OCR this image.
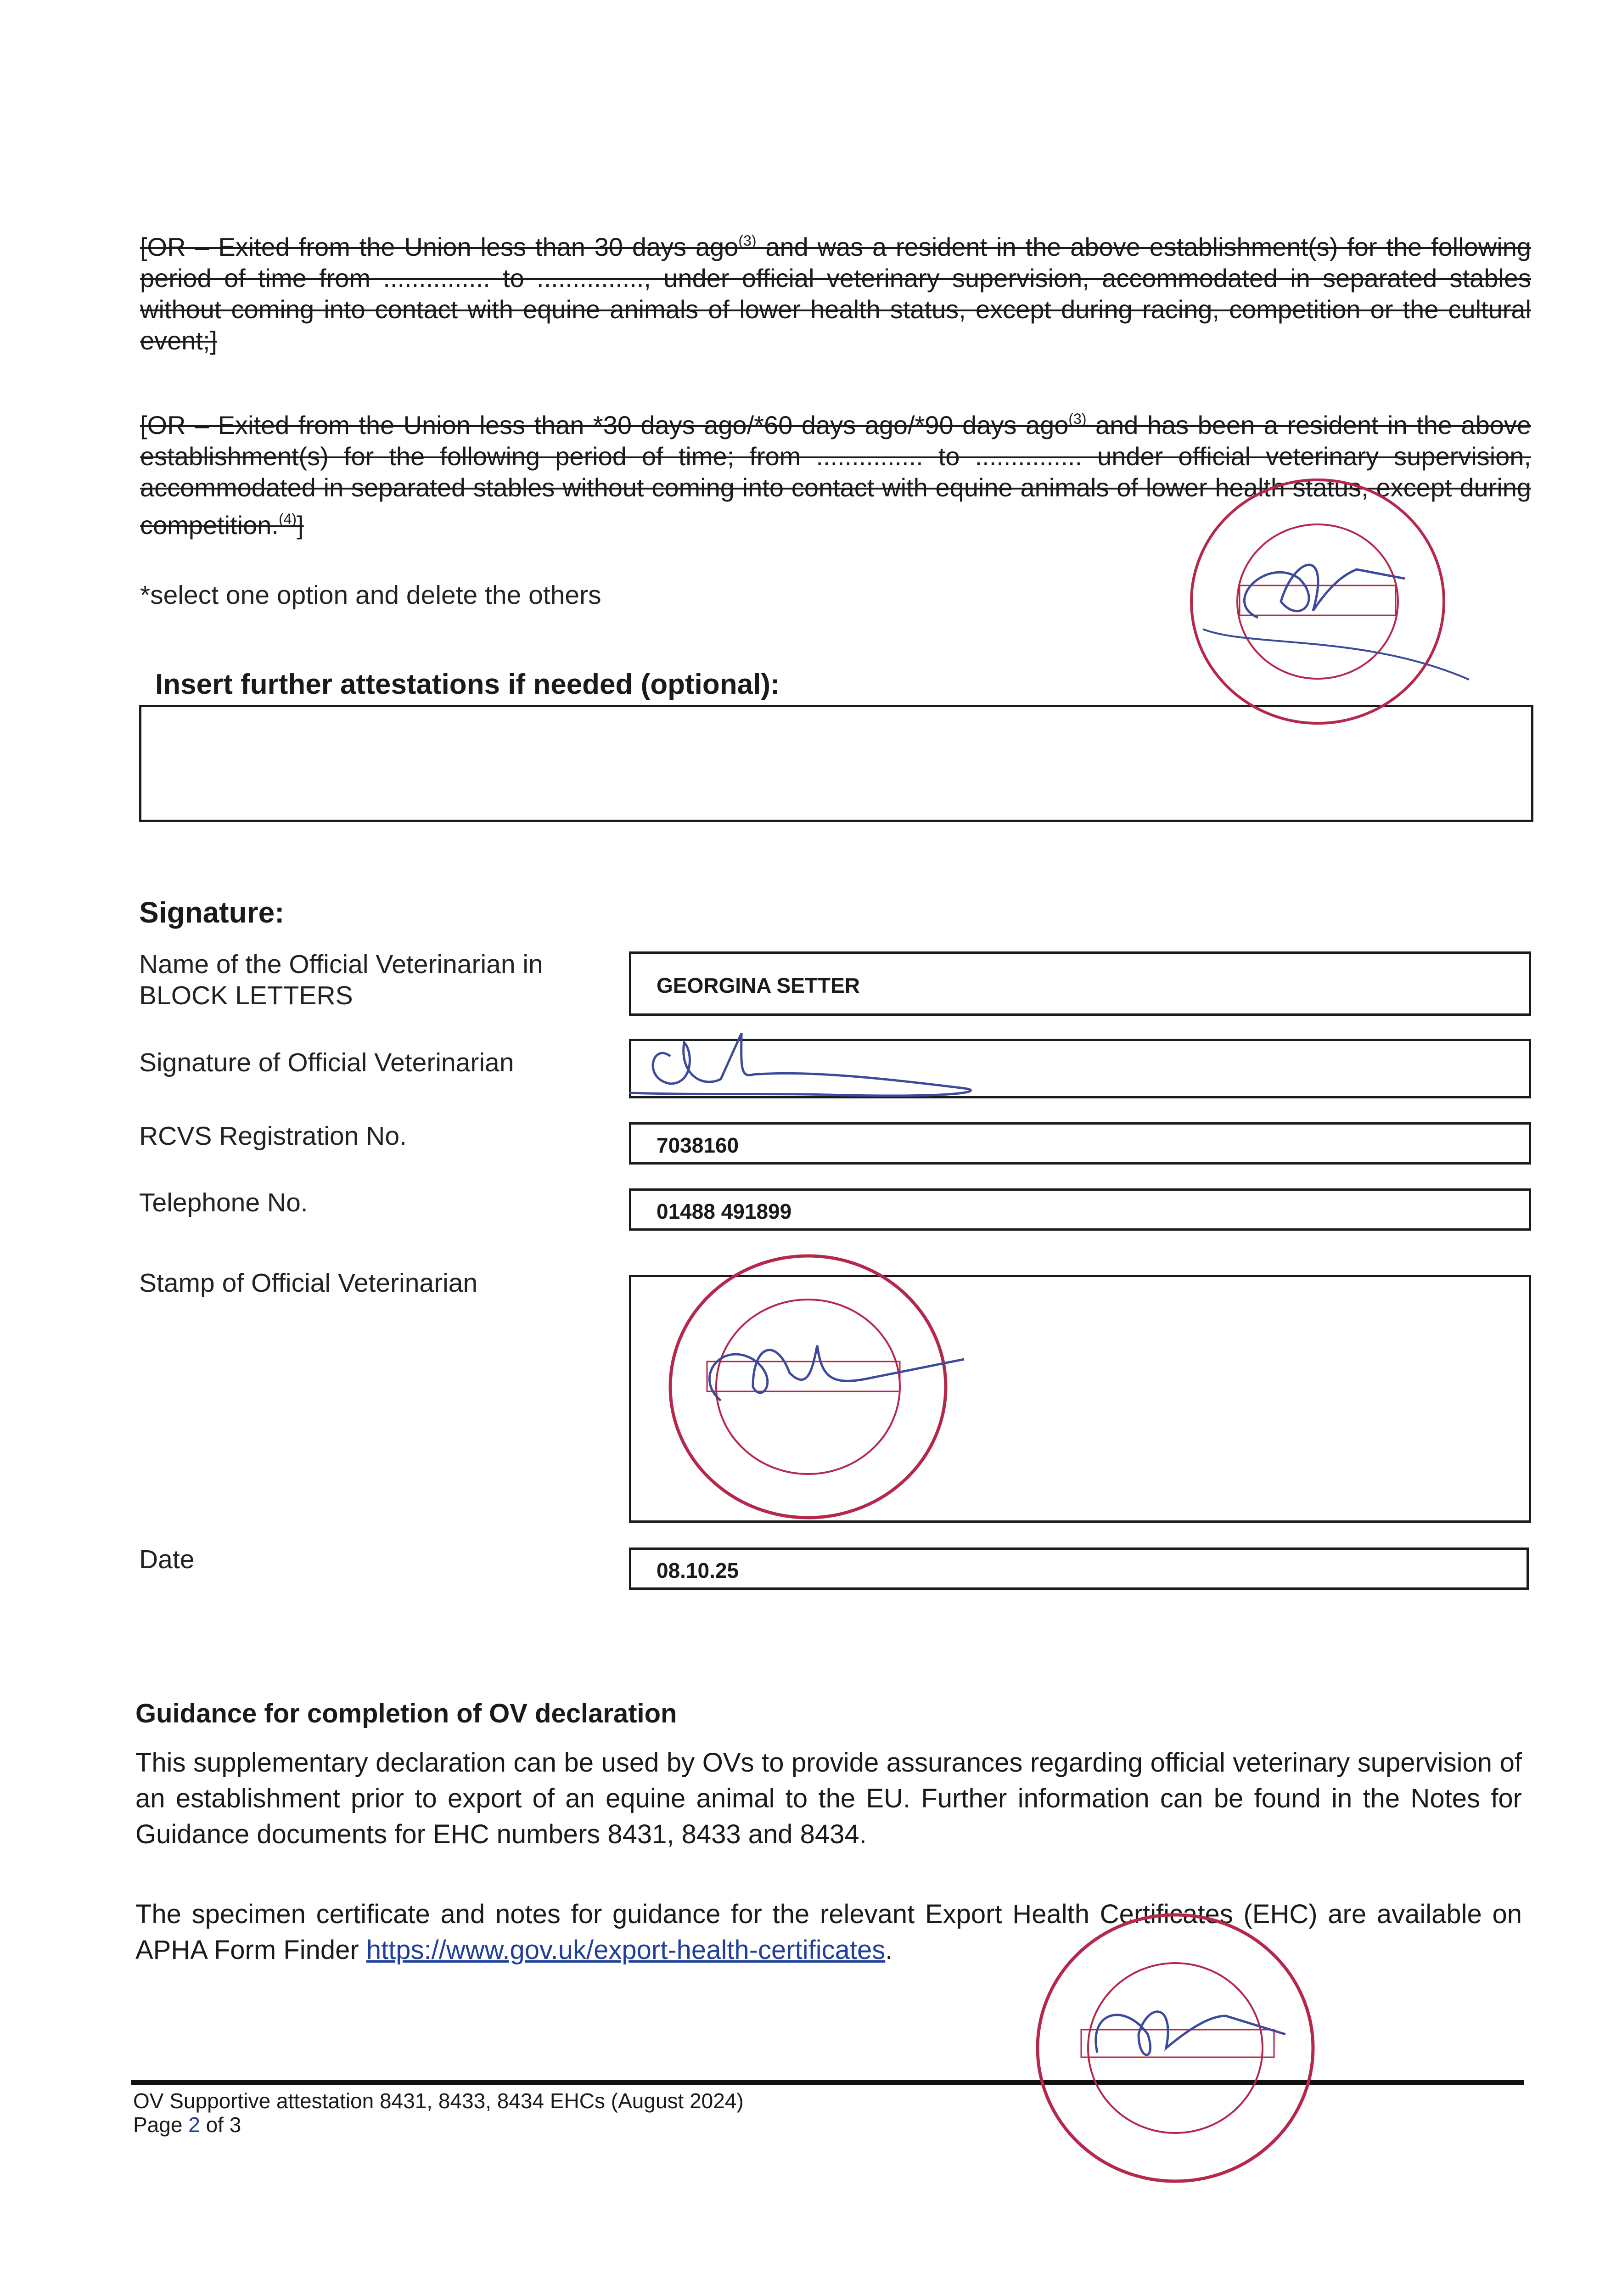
[OR – Exited from the Union less than 30 days ago$^{(3)}$ and was a resident in the above establishment(s) for the following period of time from ............... to ..............., under official veterinary supervision, accommodated in separated stables without coming into contact with equine animals of lower health status, except during racing, competition or the cultural event;]

[OR – Exited from the Union less than *30 days ago/*60 days ago/*90 days ago$^{(3)}$ and has been a resident in the above establishment(s) for the following period of time; from ............... to ............... under official veterinary supervision, accommodated in separated stables without coming into contact with equine animals of lower health status, except during competition.$^{(4)}$]

*select one option and delete the others
Insert further attestations if needed (optional):
Signature:
Name of the Official Veterinarian in BLOCK LETTERS	GEORGINA SETTER
Signature of Official Veterinarian
RCVS Registration No.	7038160
Telephone No.	01488 491899
Stamp of Official Veterinarian
Date	08.10.25
Guidance for completion of OV declaration

This supplementary declaration can be used by OVs to provide assurances regarding official veterinary supervision of an establishment prior to export of an equine animal to the EU. Further information can be found in the Notes for Guidance documents for EHC numbers 8431, 8433 and 8434.

The specimen certificate and notes for guidance for the relevant Export Health Certificates (EHC) are available on APHA Form Finder https://www.gov.uk/export-health-certificates.

OV Supportive attestation 8431, 8433, 8434 EHCs (August 2024)
Page 2 of 3
